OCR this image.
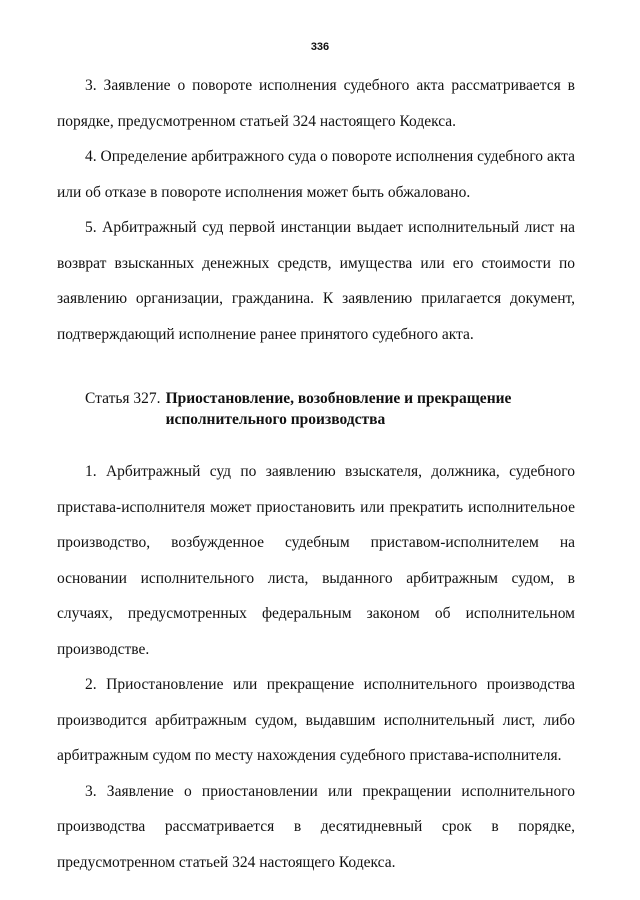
336

3. Заявление о повороте исполнения судебного акта рассматривается в порядке, предусмотренном статьей 324 настоящего Кодекса.

4. Определение арбитражного суда о повороте исполнения судебного акта или об отказе в повороте исполнения может быть обжаловано.

5. Арбитражный суд первой инстанции выдает исполнительный лист на возврат взысканных денежных средств, имущества или его стоимости по заявлению организации, гражданина. К заявлению прилагается документ, подтверждающий исполнение ранее принятого судебного акта.

Статья 327. Приостановление, возобновление и прекращение исполнительного производства

1. Арбитражный суд по заявлению взыскателя, должника, судебного пристава-исполнителя может приостановить или прекратить исполнительное производство, возбужденное судебным приставом-исполнителем на основании исполнительного листа, выданного арбитражным судом, в случаях, предусмотренных федеральным законом об исполнительном производстве.

2. Приостановление или прекращение исполнительного производства производится арбитражным судом, выдавшим исполнительный лист, либо арбитражным судом по месту нахождения судебного пристава-исполнителя.

3. Заявление о приостановлении или прекращении исполнительного производства рассматривается в десятидневный срок в порядке, предусмотренном статьей 324 настоящего Кодекса.
